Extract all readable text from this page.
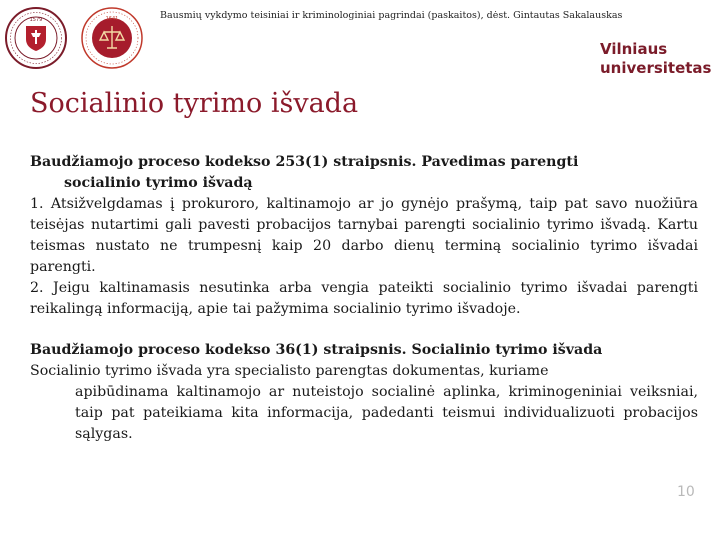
1579	1641	Bausmių vykdymo teisiniai ir kriminologiniai pagrindai (paskaitos), dėst. Gintautas Sakalauskas
Vilniaus
universitetas
Socialinio tyrimo išvada

Baudžiamojo proceso kodekso 253(1) straipsnis. Pavedimas parengti

socialinio tyrimo išvadą

1. Atsižvelgdamas į prokuroro, kaltinamojo ar jo gynėjo prašymą, taip pat savo nuožiūra teisėjas nutartimi gali pavesti probacijos tarnybai parengti socialinio tyrimo išvadą. Kartu teismas nustato ne trumpesnį kaip 20 darbo dienų terminą socialinio tyrimo išvadai parengti.

2. Jeigu kaltinamasis nesutinka arba vengia pateikti socialinio tyrimo išvadai parengti reikalingą informaciją, apie tai pažymima socialinio tyrimo išvadoje.

Baudžiamojo proceso kodekso 36(1) straipsnis. Socialinio tyrimo išvada

Socialinio tyrimo išvada yra specialisto parengtas dokumentas, kuriame

apibūdinama kaltinamojo ar nuteistojo socialinė aplinka, kriminogeniniai veiksniai, taip pat pateikiama kita informacija, padedanti teismui individualizuoti probacijos sąlygas.

10
